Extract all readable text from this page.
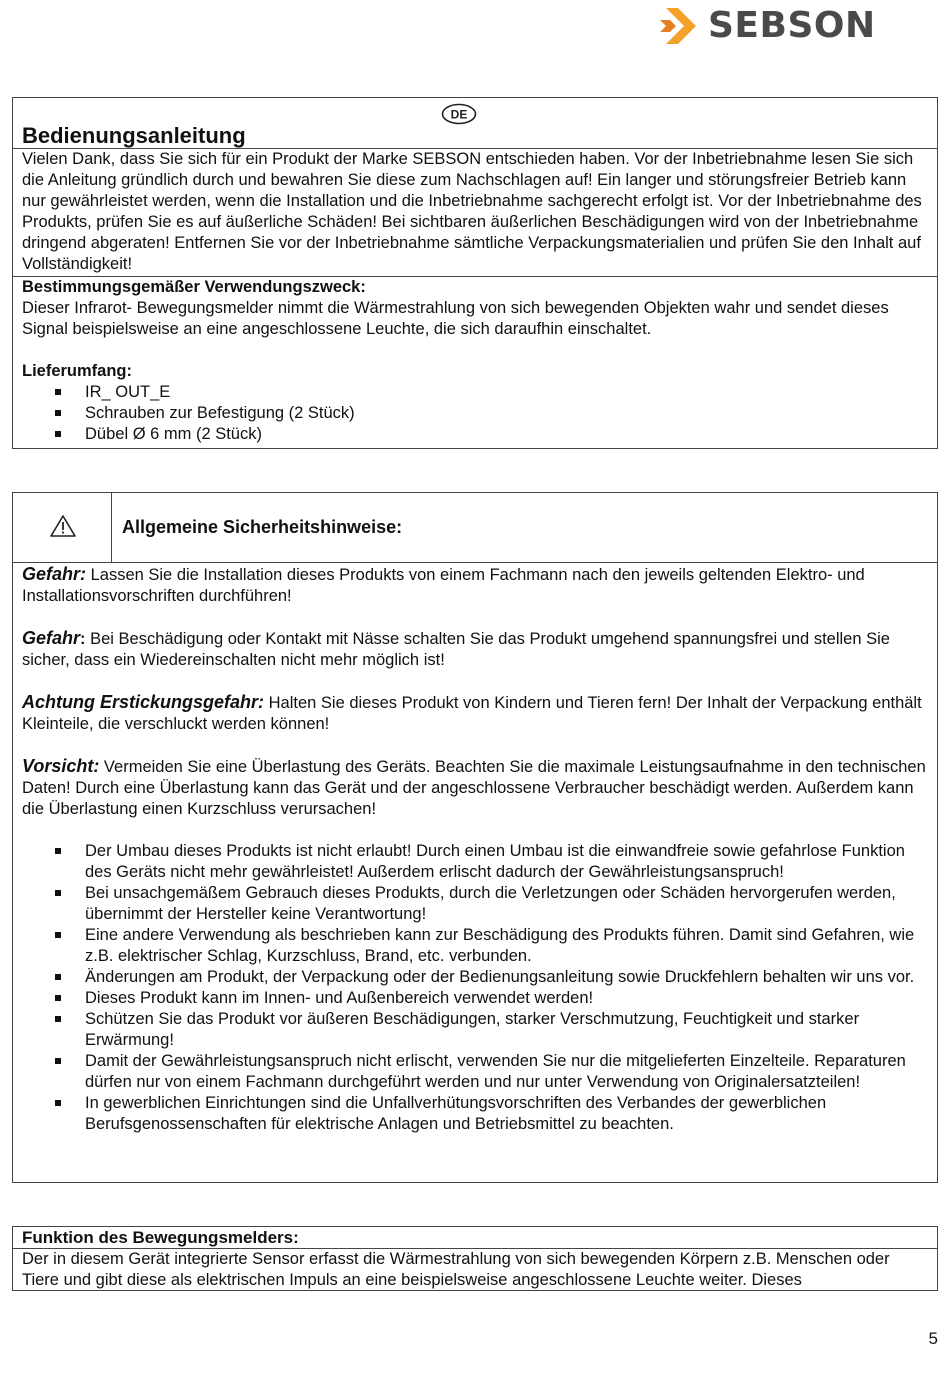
SEBSON
DE
Bedienungsanleitung

Vielen Dank, dass Sie sich für ein Produkt der Marke SEBSON entschieden haben. Vor der Inbetriebnahme lesen Sie sich die Anleitung gründlich durch und bewahren Sie diese zum Nachschlagen auf! Ein langer und störungsfreier Betrieb kann nur gewährleistet werden, wenn die Installation und die Inbetriebnahme sachgerecht erfolgt ist. Vor der Inbetriebnahme des Produkts, prüfen Sie es auf äußerliche Schäden! Bei sichtbaren äußerlichen Beschädigungen wird von der Inbetriebnahme dringend abgeraten! Entfernen Sie vor der Inbetriebnahme sämtliche Verpackungsmaterialien und prüfen Sie den Inhalt auf Vollständigkeit!

Bestimmungsgemäßer Verwendungszweck:

Dieser Infrarot- Bewegungsmelder nimmt die Wärmestrahlung von sich bewegenden Objekten wahr und sendet dieses Signal beispielsweise an eine angeschlossene Leuchte, die sich daraufhin einschaltet.

Lieferumfang:

IR_ OUT_E
Schrauben zur Befestigung (2 Stück)
Dübel Ø 6 mm (2 Stück)
Allgemeine Sicherheitshinweise:

Gefahr: Lassen Sie die Installation dieses Produkts von einem Fachmann nach den jeweils geltenden Elektro- und Installationsvorschriften durchführen!

Gefahr: Bei Beschädigung oder Kontakt mit Nässe schalten Sie das Produkt umgehend spannungsfrei und stellen Sie sicher, dass ein Wiedereinschalten nicht mehr möglich ist!

Achtung Erstickungsgefahr: Halten Sie dieses Produkt von Kindern und Tieren fern! Der Inhalt der Verpackung enthält Kleinteile, die verschluckt werden können!

Vorsicht: Vermeiden Sie eine Überlastung des Geräts. Beachten Sie die maximale Leistungsaufnahme in den technischen Daten! Durch eine Überlastung kann das Gerät und der angeschlossene Verbraucher beschädigt werden. Außerdem kann die Überlastung einen Kurzschluss verursachen!

Der Umbau dieses Produkts ist nicht erlaubt! Durch einen Umbau ist die einwandfreie sowie gefahrlose Funktion des Geräts nicht mehr gewährleistet! Außerdem erlischt dadurch der Gewährleistungsanspruch!
Bei unsachgemäßem Gebrauch dieses Produkts, durch die Verletzungen oder Schäden hervorgerufen werden, übernimmt der Hersteller keine Verantwortung!
Eine andere Verwendung als beschrieben kann zur Beschädigung des Produkts führen. Damit sind Gefahren, wie z.B. elektrischer Schlag, Kurzschluss, Brand, etc. verbunden.
Änderungen am Produkt, der Verpackung oder der Bedienungsanleitung sowie Druckfehlern behalten wir uns vor.
Dieses Produkt kann im Innen- und Außenbereich verwendet werden!
Schützen Sie das Produkt vor äußeren Beschädigungen, starker Verschmutzung, Feuchtigkeit und starker Erwärmung!
Damit der Gewährleistungsanspruch nicht erlischt, verwenden Sie nur die mitgelieferten Einzelteile. Reparaturen dürfen nur von einem Fachmann durchgeführt werden und nur unter Verwendung von Originalersatzteilen!
In gewerblichen Einrichtungen sind die Unfallverhütungsvorschriften des Verbandes der gewerblichen Berufsgenossenschaften für elektrische Anlagen und Betriebsmittel zu beachten.

Funktion des Bewegungsmelders:

Der in diesem Gerät integrierte Sensor erfasst die Wärmestrahlung von sich bewegenden Körpern z.B. Menschen oder Tiere und gibt diese als elektrischen Impuls an eine beispielsweise angeschlossene Leuchte weiter. Dieses

5
